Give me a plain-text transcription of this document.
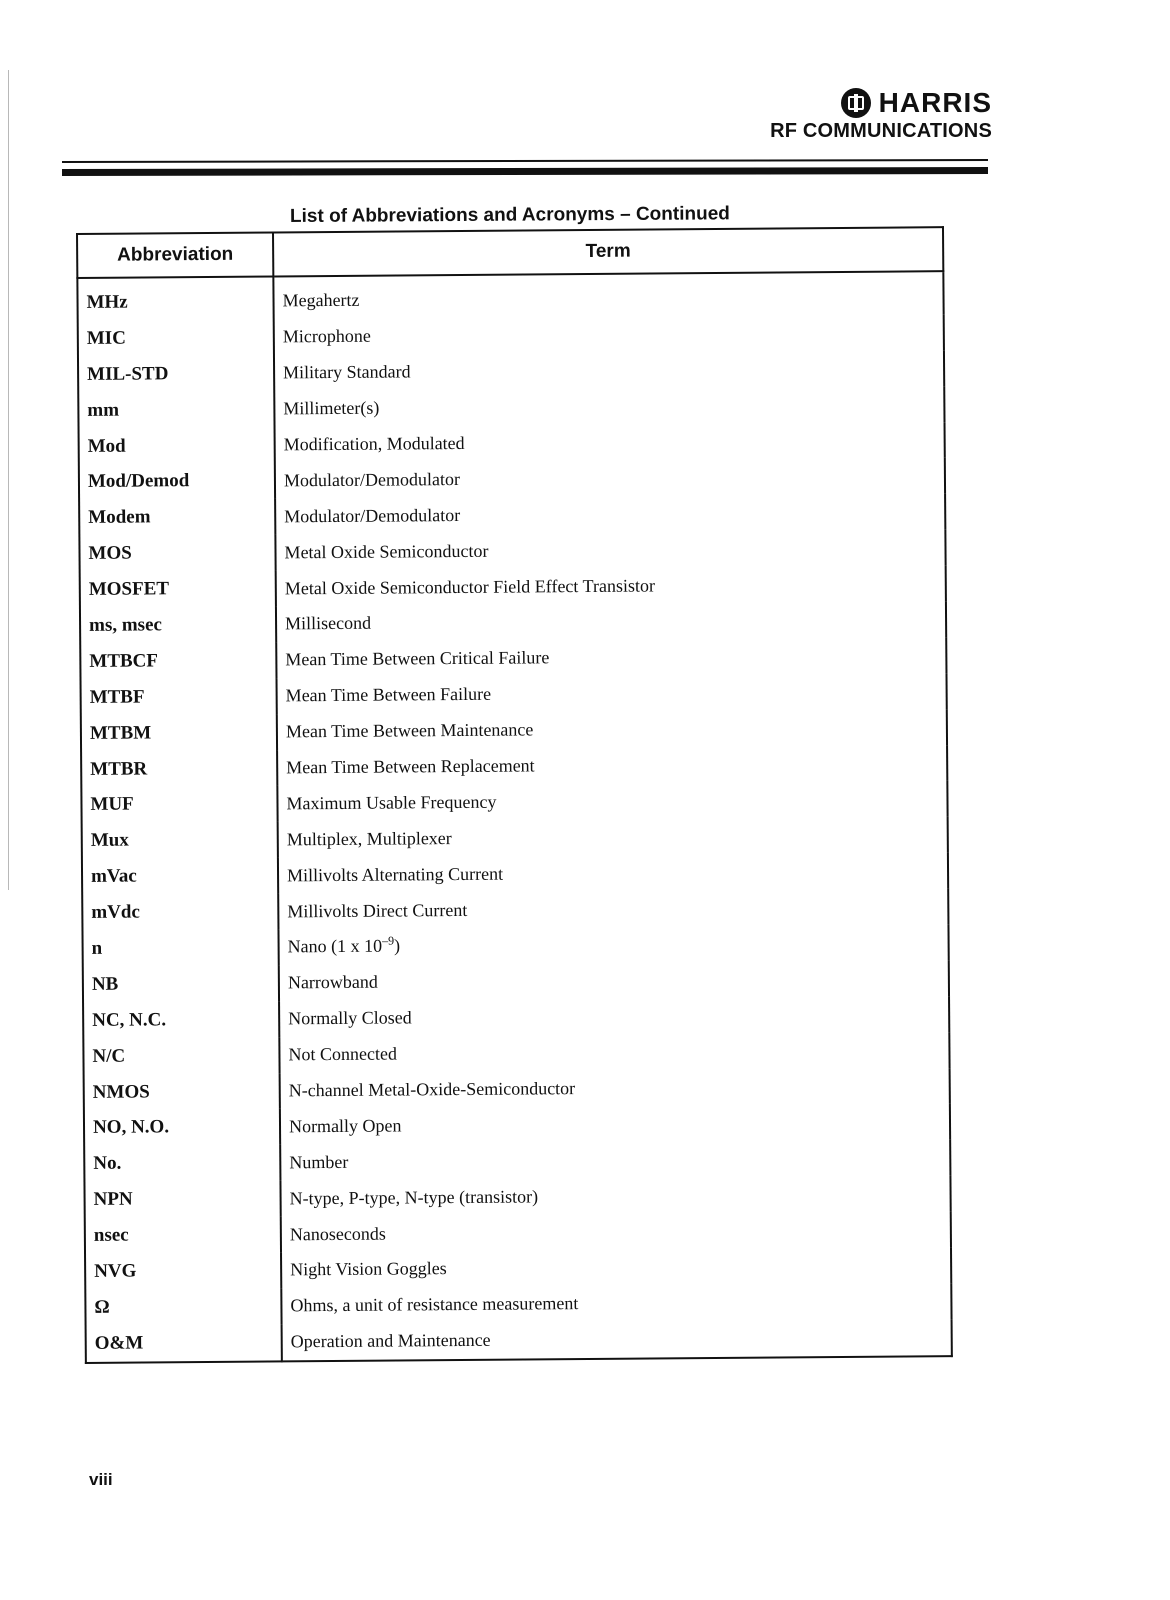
HARRIS
RF COMMUNICATIONS
List of Abbreviations and Acronyms – Continued
Abbreviation	Term
MHz	Megahertz
MIC	Microphone
MIL-STD	Military Standard
mm	Millimeter(s)
Mod	Modification, Modulated
Mod/Demod	Modulator/Demodulator
Modem	Modulator/Demodulator
MOS	Metal Oxide Semiconductor
MOSFET	Metal Oxide Semiconductor Field Effect Transistor
ms, msec	Millisecond
MTBCF	Mean Time Between Critical Failure
MTBF	Mean Time Between Failure
MTBM	Mean Time Between Maintenance
MTBR	Mean Time Between Replacement
MUF	Maximum Usable Frequency
Mux	Multiplex, Multiplexer
mVac	Millivolts Alternating Current
mVdc	Millivolts Direct Current
n	Nano (1 x $10^{-9}$)
NB	Narrowband
NC, N.C.	Normally Closed
N/C	Not Connected
NMOS	N-channel Metal-Oxide-Semiconductor
NO, N.O.	Normally Open
No.	Number
NPN	N-type, P-type, N-type (transistor)
nsec	Nanoseconds
NVG	Night Vision Goggles
Ω	Ohms, a unit of resistance measurement
O&M	Operation and Maintenance
viii
